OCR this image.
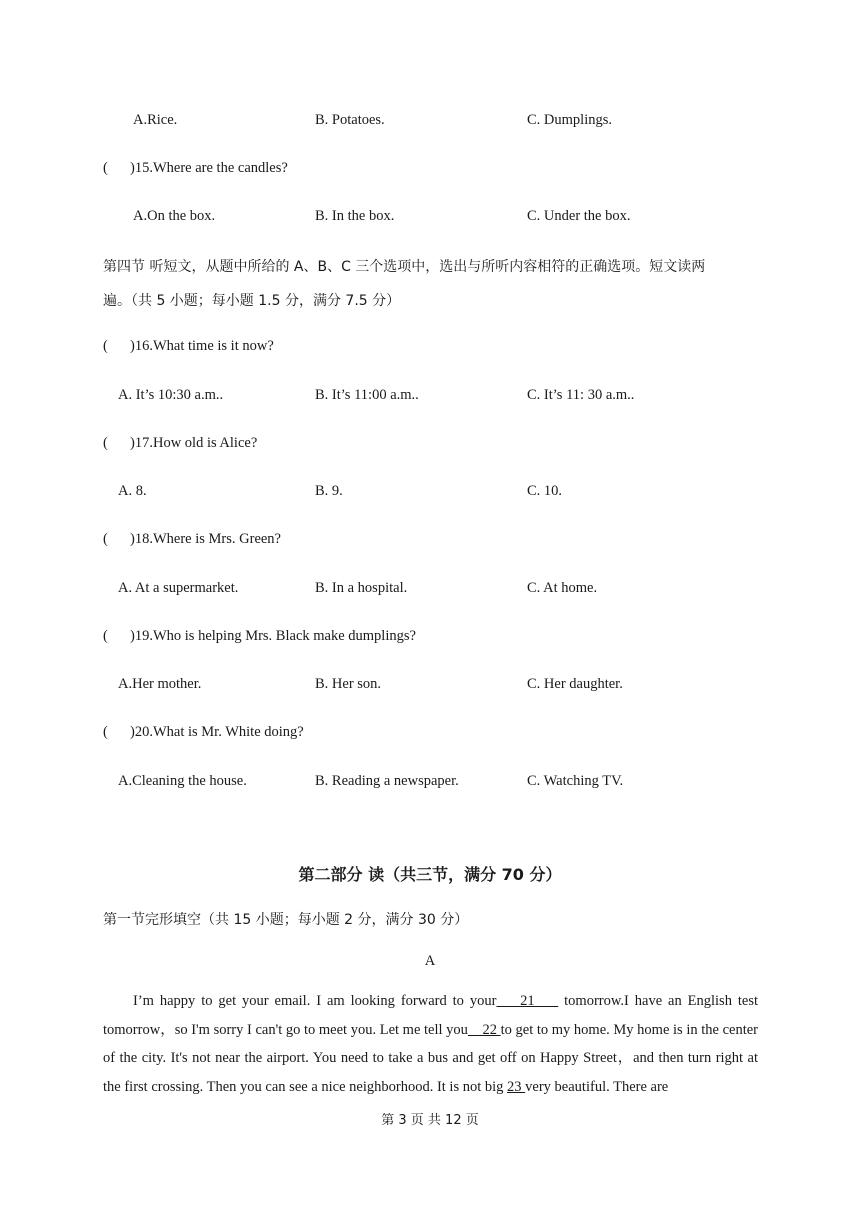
A.Rice.	B. Potatoes.	C. Dumplings.
( )15.Where are the candles?
A.On the box.	B. In the box.	C. Under the box.
第四节 听短文，从题中所给的 A、B、C 三个选项中，选出与所听内容相符的正确选项。短文读两
遍。（共 5 小题；每小题 1.5 分，满分 7.5 分）
( )16.What time is it now?
A. It’s 10:30 a.m..	B. It’s 11:00 a.m..	C. It’s 11: 30 a.m..
( )17.How old is Alice?
A. 8.	B. 9.	C. 10.
( )18.Where is Mrs. Green?
A. At a supermarket.	B. In a hospital.	C. At home.
( )19.Who is helping Mrs. Black make dumplings?
A.Her mother.	B. Her son.	C. Her daughter.
( )20.What is Mr. White doing?
A.Cleaning the house.	B. Reading a newspaper.	C. Watching TV.
第二部分 读（共三节，满分 70 分）
第一节完形填空（共 15 小题；每小题 2 分，满分 30 分）
A

I’m happy to get your email. I am looking forward to your    21     tomorrow.I have an English test tomorrow，so I'm sorry I can't go to meet you. Let me tell you    22 to get to my home. My home is in the center of the city. It's not near the airport. You need to take a bus and get off on Happy Street，and then turn right at the first crossing. Then you can see a nice neighborhood. It is not big 23 very beautiful. There are

第 3 页 共 12 页
